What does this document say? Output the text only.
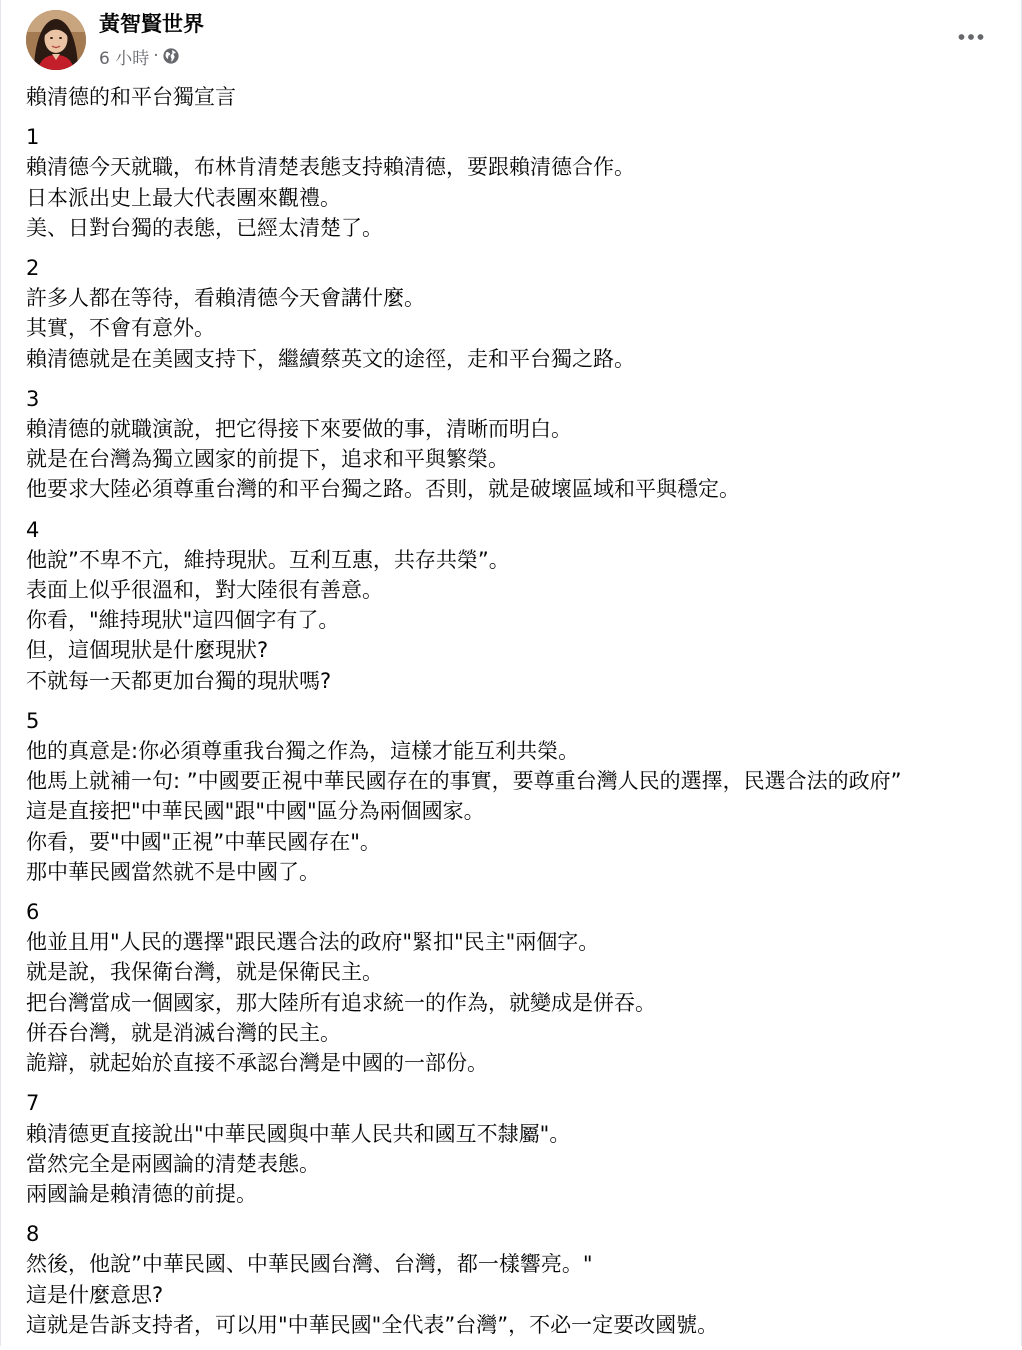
黃智賢世界
6 小時 ·
賴清德的和平台獨宣言
1
賴清德今天就職，布林肯清楚表態支持賴清德，要跟賴清德合作。
日本派出史上最大代表團來觀禮。
美、日對台獨的表態，已經太清楚了。
2
許多人都在等待，看賴清德今天會講什麼。
其實，不會有意外。
賴清德就是在美國支持下，繼續蔡英文的途徑，走和平台獨之路。
3
賴清德的就職演說，把它得接下來要做的事，清晰而明白。
就是在台灣為獨立國家的前提下，追求和平與繁榮。
他要求大陸必須尊重台灣的和平台獨之路。否則，就是破壞區域和平與穩定。
4
他說”不卑不亢，維持現狀。互利互惠，共存共榮”。
表面上似乎很溫和，對大陸很有善意。
你看，"維持現狀"這四個字有了。
但，這個現狀是什麼現狀?
不就每一天都更加台獨的現狀嗎?
5
他的真意是:你必須尊重我台獨之作為，這樣才能互利共榮。
他馬上就補一句: ”中國要正視中華民國存在的事實，要尊重台灣人民的選擇，民選合法的政府”
這是直接把"中華民國"跟"中國"區分為兩個國家。
你看，要"中國"正視”中華民國存在"。
那中華民國當然就不是中國了。
6
他並且用"人民的選擇"跟民選合法的政府"緊扣"民主"兩個字。
就是說，我保衛台灣，就是保衛民主。
把台灣當成一個國家，那大陸所有追求統一的作為，就變成是併吞。
併吞台灣，就是消滅台灣的民主。
詭辯，就起始於直接不承認台灣是中國的一部份。
7
賴清德更直接說出"中華民國與中華人民共和國互不隸屬"。
當然完全是兩國論的清楚表態。
兩國論是賴清德的前提。
8
然後，他說”中華民國、中華民國台灣、台灣，都一樣響亮。"
這是什麼意思?
這就是告訴支持者，可以用"中華民國"全代表”台灣”，不必一定要改國號。
